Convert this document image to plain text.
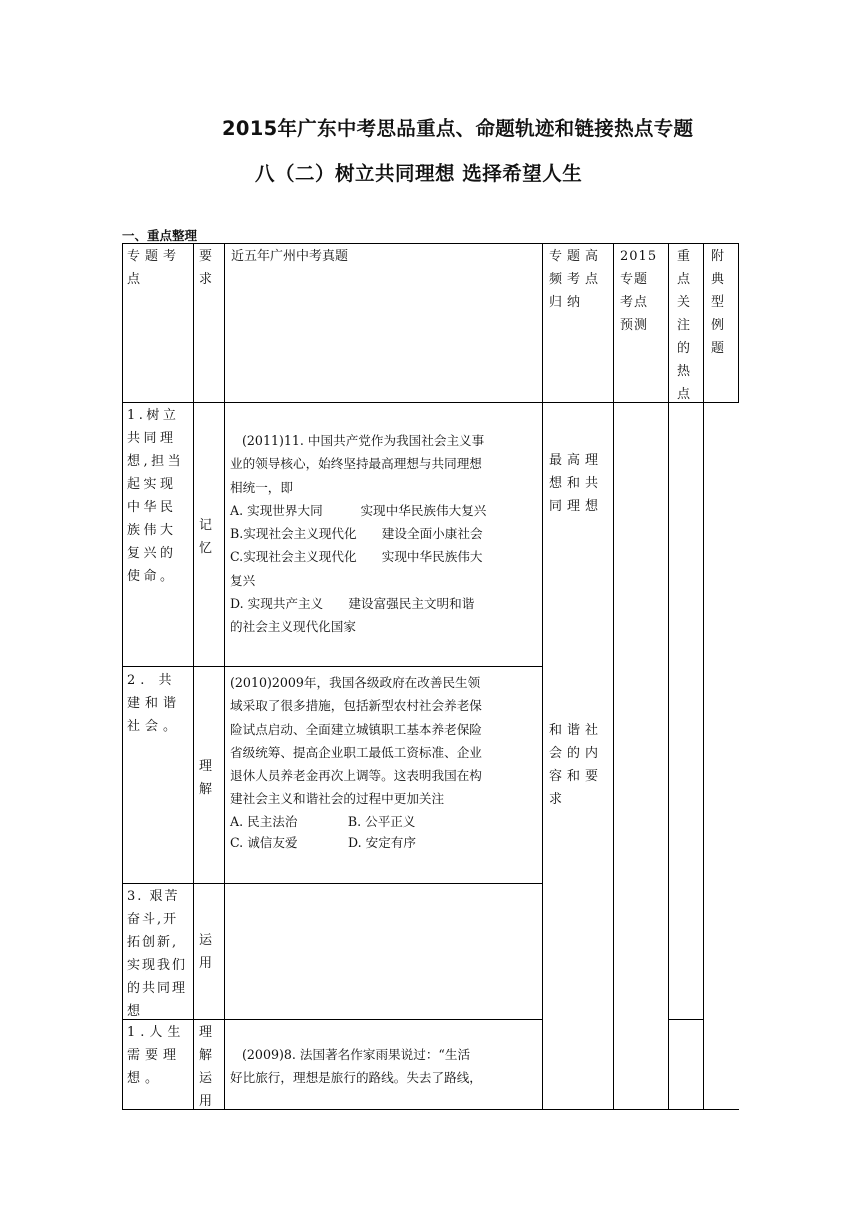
2015年广东中考思品重点、命题轨迹和链接热点专题
八（二）树立共同理想 选择希望人生
一、重点整理
专题考点
要求
近五年广州中考真题	专题高频考点归纳
2015专题考点预测
重点关注的热点
附典型例题
1.树立共同理想,担当起实现中华民族伟大复兴的使命。
记忆
(2011)11. 中国共产党作为我国社会主义事
业的领导核心，始终坚持最高理想与共同理想
相统一，即
A. 实现世界大同　　　实现中华民族伟大复兴
B.实现社会主义现代化　　建设全面小康社会
C.实现社会主义现代化　　实现中华民族伟大
复兴
D. 实现共产主义　　建设富强民主文明和谐
的社会主义现代化国家
最高理想和共同理想
2. 共建和谐社会。
理解
(2010)2009年，我国各级政府在改善民生领
域采取了很多措施，包括新型农村社会养老保
险试点启动、全面建立城镇职工基本养老保险
省级统筹、提高企业职工最低工资标准、企业
退休人员养老金再次上调等。这表明我国在构
建社会主义和谐社会的过程中更加关注
A. 民主法治　　　　B. 公平正义
C. 诚信友爱　　　　D. 安定有序
和谐社会的内容和要求
3. 艰苦奋斗,开拓创新,实现我们的共同理想
运用
1.人生需要理想。
理解运用
(2009)8. 法国著名作家雨果说过：“生活
好比旅行，理想是旅行的路线。失去了路线，
